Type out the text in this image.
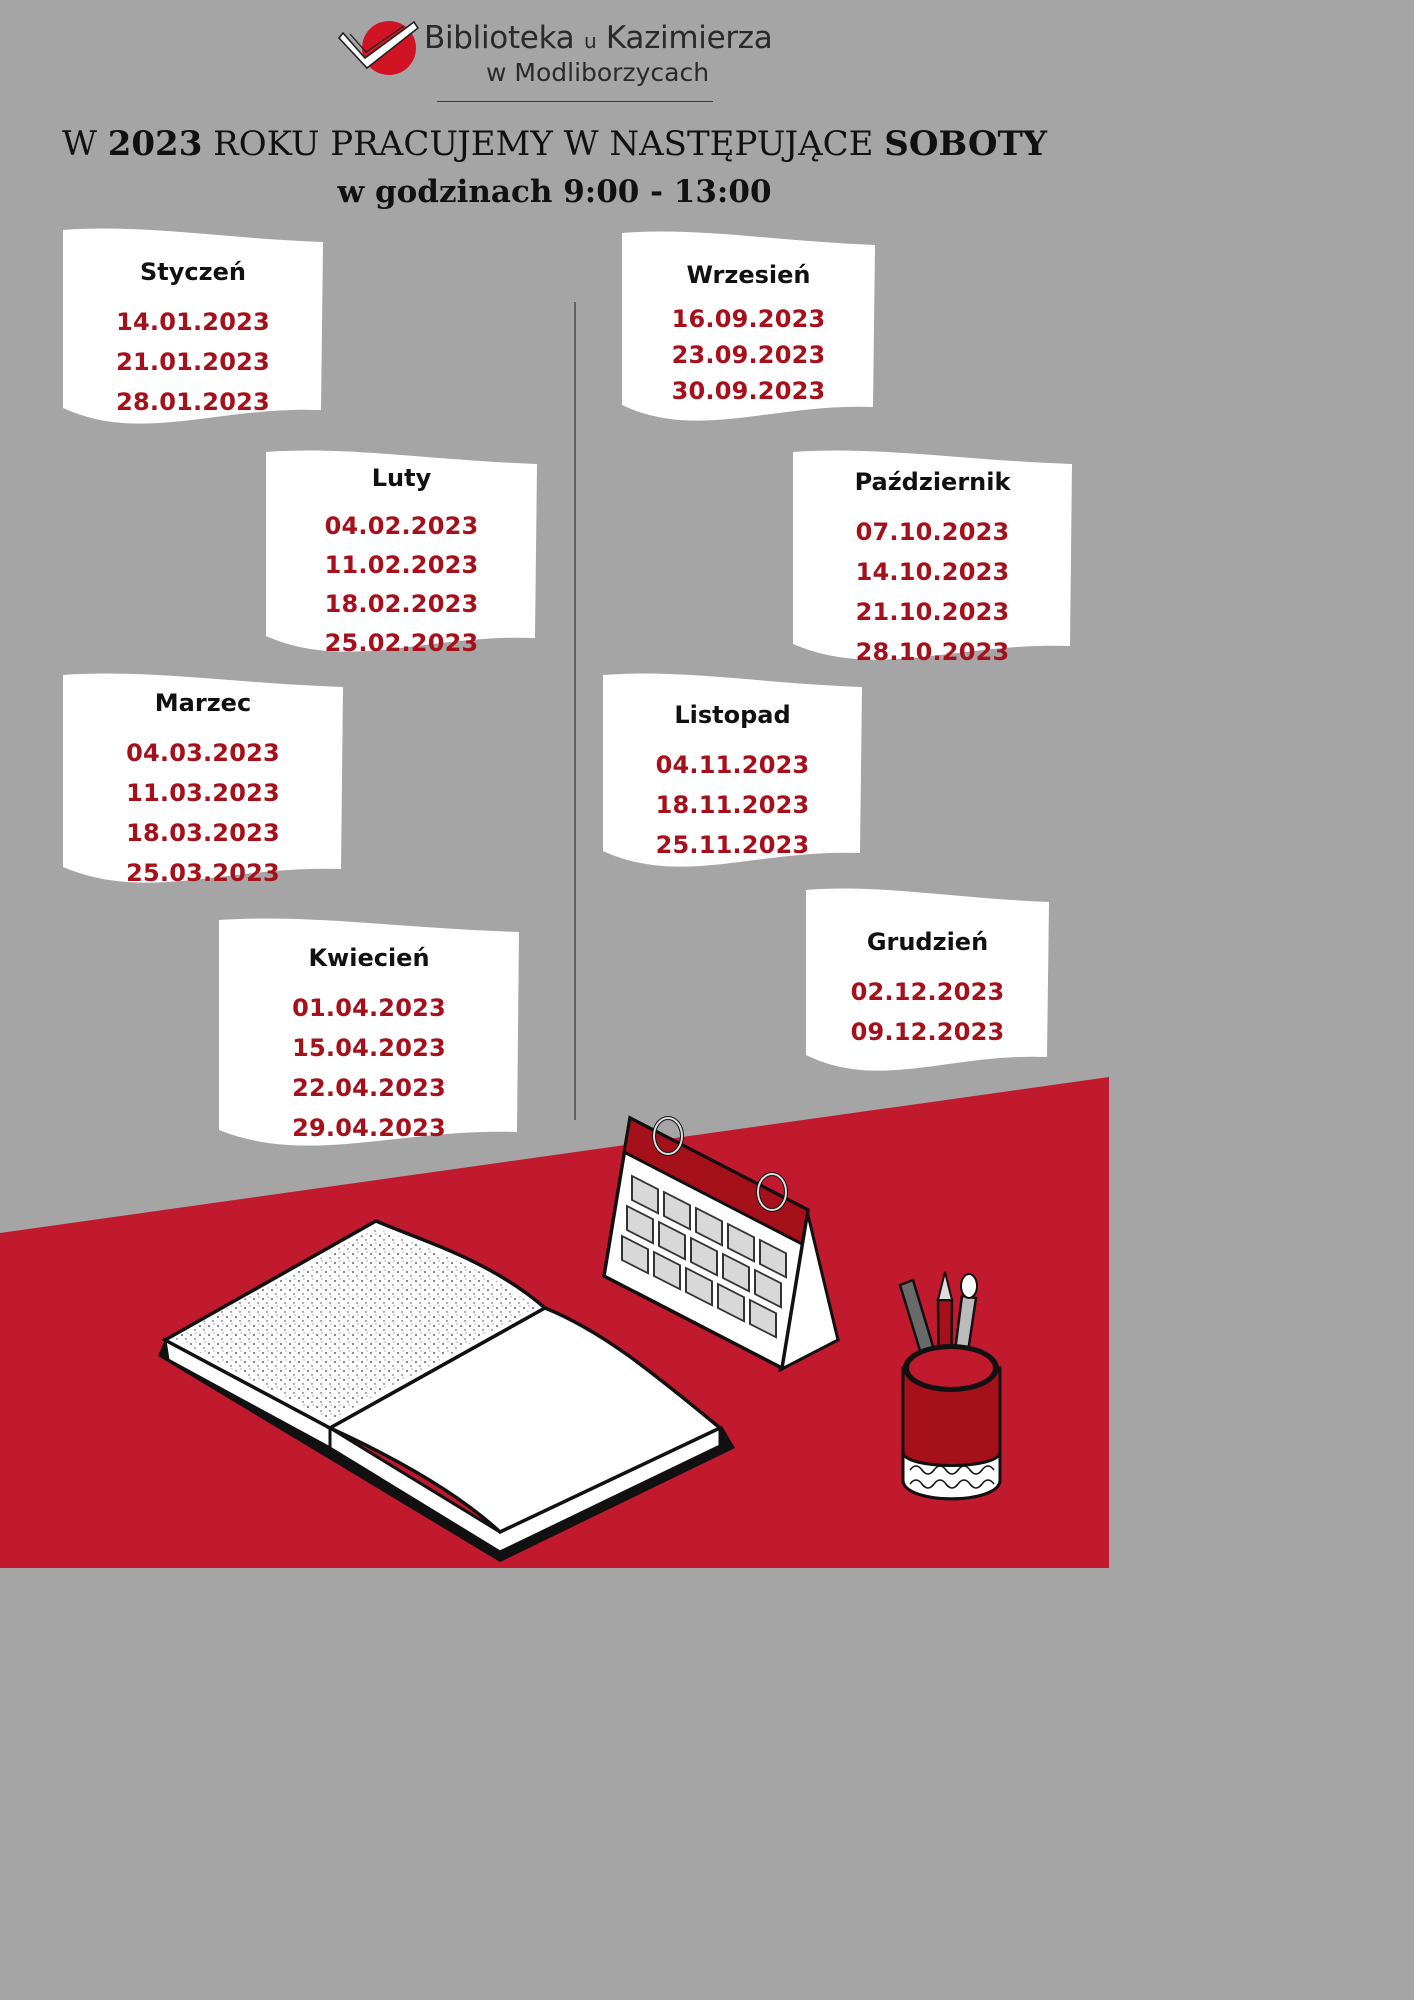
Biblioteka u Kazimierza
w Modliborzycach
W 2023 ROKU PRACUJEMY W NASTĘPUJĄCE SOBOTY
w godzinach 9:00 - 13:00
Styczeń
14.01.2023
21.01.2023
28.01.2023
Luty
04.02.2023
11.02.2023
18.02.2023
25.02.2023
Marzec
04.03.2023
11.03.2023
18.03.2023
25.03.2023
Kwiecień
01.04.2023
15.04.2023
22.04.2023
29.04.2023
Wrzesień
16.09.2023
23.09.2023
30.09.2023
Październik
07.10.2023
14.10.2023
21.10.2023
28.10.2023
Listopad
04.11.2023
18.11.2023
25.11.2023
Grudzień
02.12.2023
09.12.2023
